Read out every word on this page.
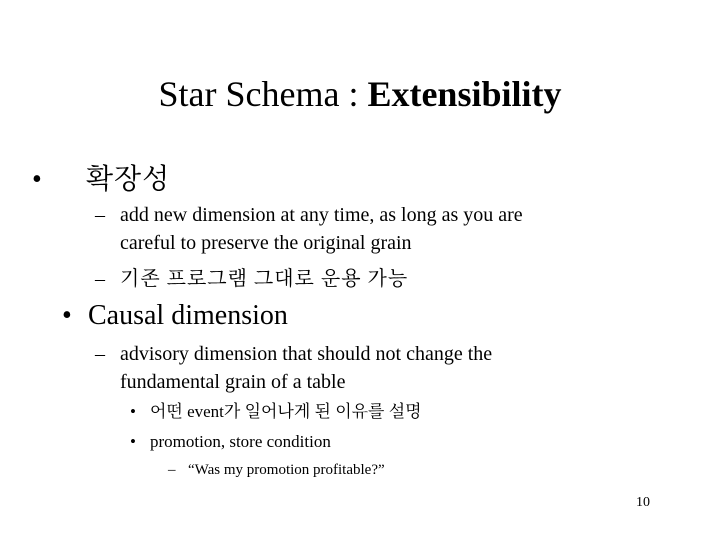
Star Schema : Extensibility
• 확장성
– add new dimension at any time, as long as you are
careful to preserve the original grain
– 기존 프로그램 그대로 운용 가능
• Causal dimension
– advisory dimension that should not change the
fundamental grain of a table
• 어떤 event가 일어나게 된 이유를 설명
• promotion, store condition
– “Was my promotion profitable?”
10
